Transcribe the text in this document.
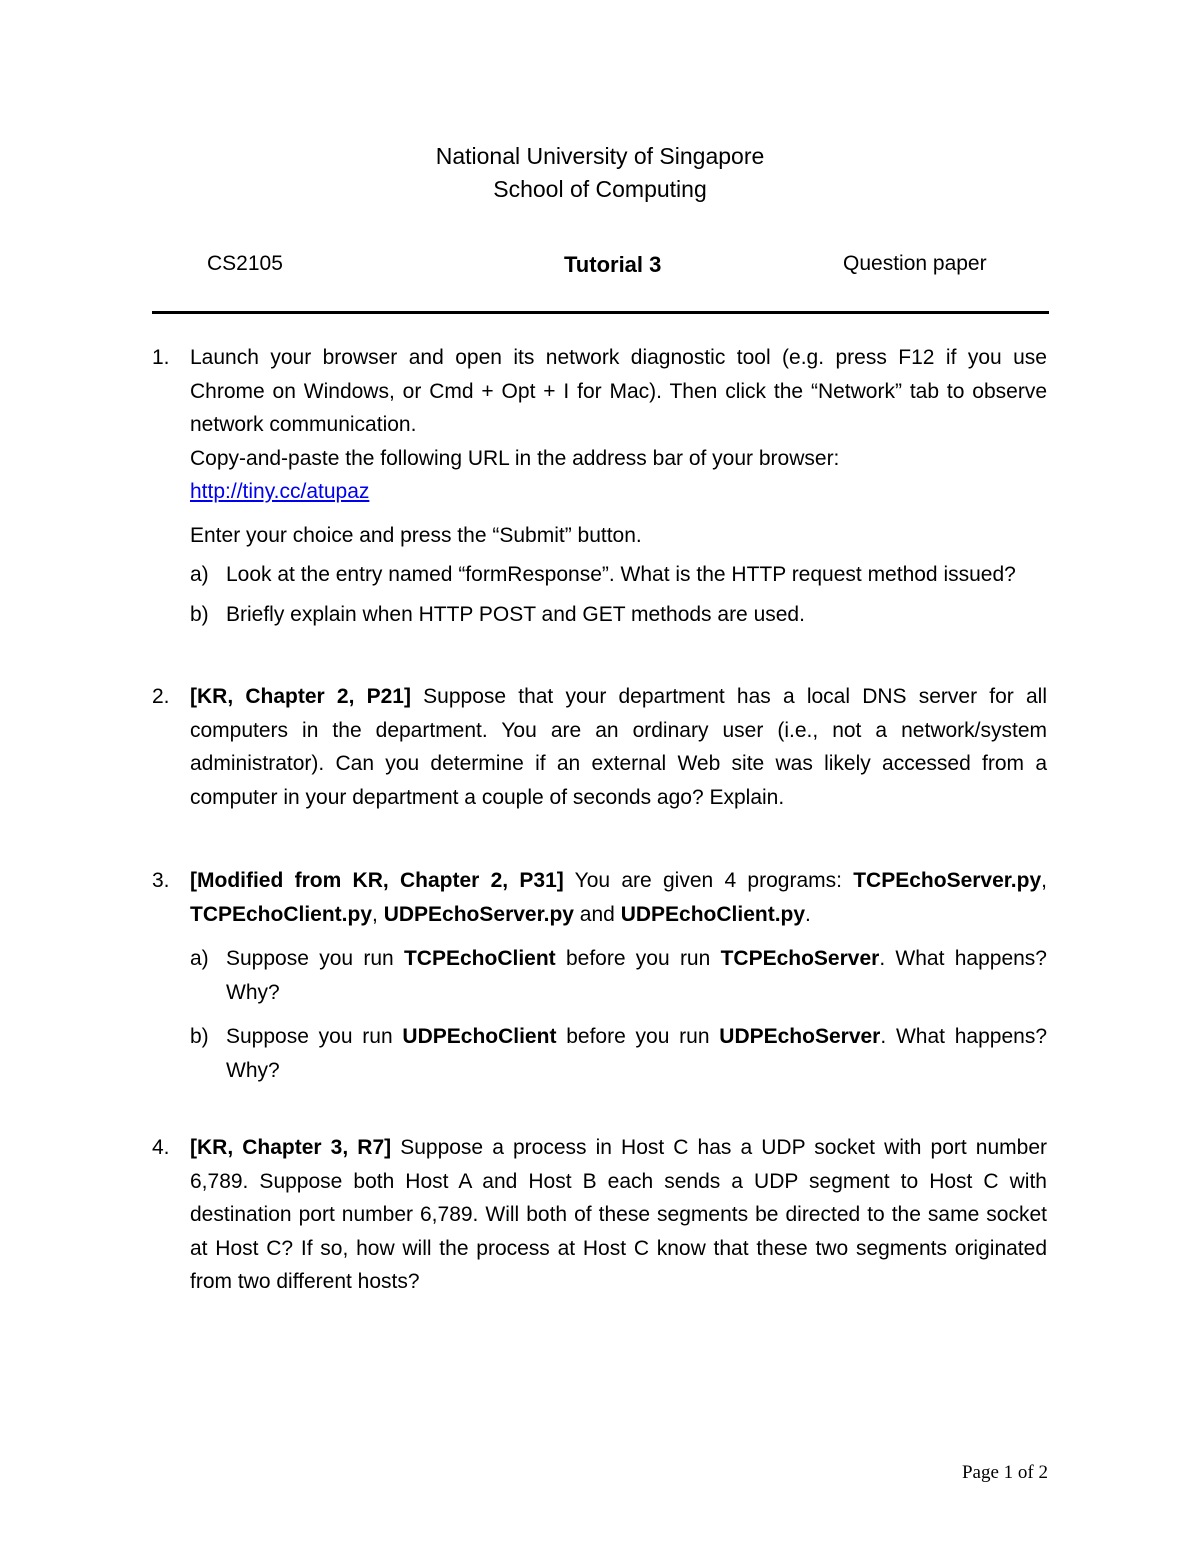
National University of Singapore
School of Computing
CS2105	Tutorial 3	Question paper
1. Launch your browser and open its network diagnostic tool (e.g. press F12 if you use Chrome on Windows, or Cmd + Opt + I for Mac). Then click the “Network” tab to observe network communication.
Copy-and-paste the following URL in the address bar of your browser:
http://tiny.cc/atupaz
Enter your choice and press the “Submit” button.
a) Look at the entry named “formResponse”. What is the HTTP request method issued?
b) Briefly explain when HTTP POST and GET methods are used.
2. [KR, Chapter 2, P21] Suppose that your department has a local DNS server for all computers in the department. You are an ordinary user (i.e., not a network/system administrator). Can you determine if an external Web site was likely accessed from a computer in your department a couple of seconds ago? Explain.
3. [Modified from KR, Chapter 2, P31] You are given 4 programs: TCPEchoServer.py, TCPEchoClient.py, UDPEchoServer.py and UDPEchoClient.py.
a) Suppose you run TCPEchoClient before you run TCPEchoServer. What happens? Why?
b) Suppose you run UDPEchoClient before you run UDPEchoServer. What happens? Why?
4. [KR, Chapter 3, R7] Suppose a process in Host C has a UDP socket with port number 6,789. Suppose both Host A and Host B each sends a UDP segment to Host C with destination port number 6,789. Will both of these segments be directed to the same socket at Host C? If so, how will the process at Host C know that these two segments originated from two different hosts?
Page 1 of 2
